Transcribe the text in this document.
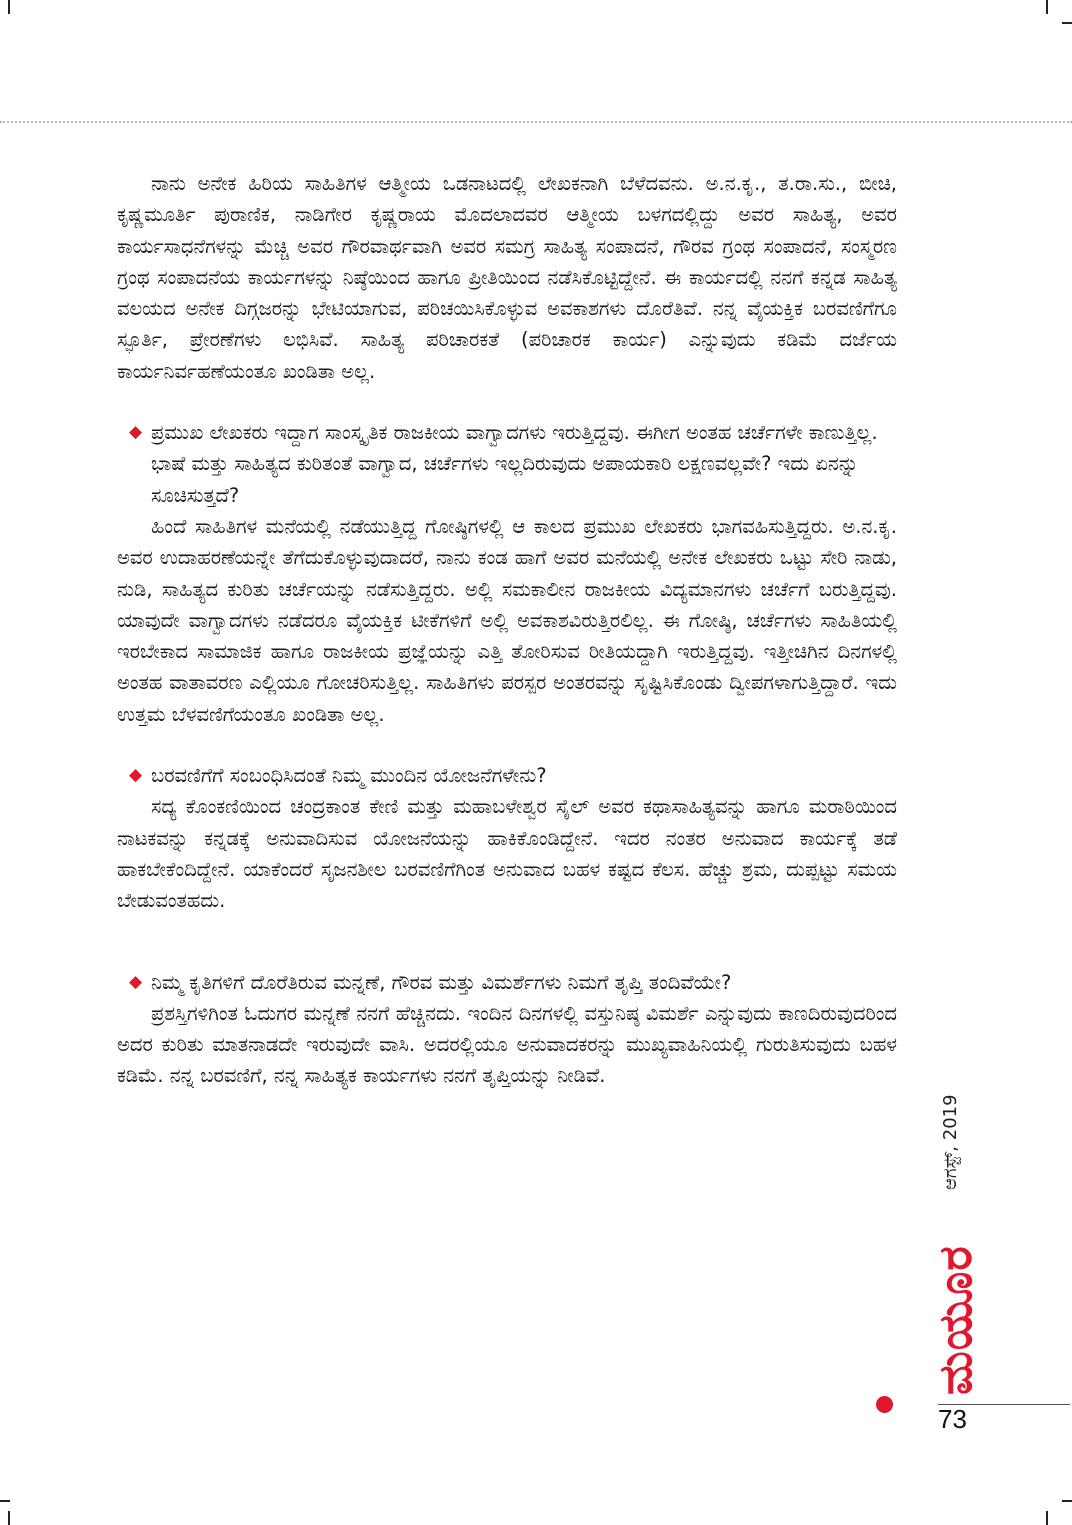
ನಾನು ಅನೇಕ ಹಿರಿಯ ಸಾಹಿತಿಗಳ ಆತ್ಮೀಯ ಒಡನಾಟದಲ್ಲಿ ಲೇಖಕನಾಗಿ ಬೆಳೆದವನು. ಅ.ನ.ಕೃ., ತ.ರಾ.ಸು., ಬೀಚಿ, ಕೃಷ್ಣಮೂರ್ತಿ ಪುರಾಣಿಕ, ನಾಡಿಗೇರ ಕೃಷ್ಣರಾಯ ಮೊದಲಾದವರ ಆತ್ಮೀಯ ಬಳಗದಲ್ಲಿದ್ದು ಅವರ ಸಾಹಿತ್ಯ, ಅವರ ಕಾರ್ಯಸಾಧನೆಗಳನ್ನು ಮೆಚ್ಚಿ ಅವರ ಗೌರವಾರ್ಥವಾಗಿ ಅವರ ಸಮಗ್ರ ಸಾಹಿತ್ಯ ಸಂಪಾದನೆ, ಗೌರವ ಗ್ರಂಥ ಸಂಪಾದನೆ, ಸಂಸ್ಮರಣ ಗ್ರಂಥ ಸಂಪಾದನೆಯ ಕಾರ್ಯಗಳನ್ನು ನಿಷ್ಠೆಯಿಂದ ಹಾಗೂ ಪ್ರೀತಿಯಿಂದ ನಡೆಸಿಕೊಟ್ಟಿದ್ದೇನೆ. ಈ ಕಾರ್ಯದಲ್ಲಿ ನನಗೆ ಕನ್ನಡ ಸಾಹಿತ್ಯ ವಲಯದ ಅನೇಕ ದಿಗ್ಗಜರನ್ನು ಭೇಟಿಯಾಗುವ, ಪರಿಚಯಿಸಿಕೊಳ್ಳುವ ಅವಕಾಶಗಳು ದೊರೆತಿವೆ. ನನ್ನ ವೈಯಕ್ತಿಕ ಬರವಣಿಗೆಗೂ ಸ್ಫೂರ್ತಿ, ಪ್ರೇರಣೆಗಳು ಲಭಿಸಿವೆ. ಸಾಹಿತ್ಯ ಪರಿಚಾರಕತೆ (ಪರಿಚಾರಕ ಕಾರ್ಯ) ಎನ್ನುವುದು ಕಡಿಮೆ ದರ್ಜೆಯ ಕಾರ್ಯನಿರ್ವಹಣೆಯಂತೂ ಖಂಡಿತಾ ಅಲ್ಲ.

◆ ಪ್ರಮುಖ ಲೇಖಕರು ಇದ್ದಾಗ ಸಾಂಸ್ಕೃತಿಕ ರಾಜಕೀಯ ವಾಗ್ವಾದಗಳು ಇರುತ್ತಿದ್ದವು. ಈಗೀಗ ಅಂತಹ ಚರ್ಚೆಗಳೇ ಕಾಣುತ್ತಿಲ್ಲ. ಭಾಷೆ ಮತ್ತು ಸಾಹಿತ್ಯದ ಕುರಿತಂತೆ ವಾಗ್ವಾದ, ಚರ್ಚೆಗಳು ಇಲ್ಲದಿರುವುದು ಅಪಾಯಕಾರಿ ಲಕ್ಷಣವಲ್ಲವೇ? ಇದು ಏನನ್ನು ಸೂಚಿಸುತ್ತದೆ?

ಹಿಂದೆ ಸಾಹಿತಿಗಳ ಮನೆಯಲ್ಲಿ ನಡೆಯುತ್ತಿದ್ದ ಗೋಷ್ಠಿಗಳಲ್ಲಿ ಆ ಕಾಲದ ಪ್ರಮುಖ ಲೇಖಕರು ಭಾಗವಹಿಸುತ್ತಿದ್ದರು. ಅ.ನ.ಕೃ. ಅವರ ಉದಾಹರಣೆಯನ್ನೇ ತೆಗೆದುಕೊಳ್ಳುವುದಾದರೆ, ನಾನು ಕಂಡ ಹಾಗೆ ಅವರ ಮನೆಯಲ್ಲಿ ಅನೇಕ ಲೇಖಕರು ಒಟ್ಟು ಸೇರಿ ನಾಡು, ನುಡಿ, ಸಾಹಿತ್ಯದ ಕುರಿತು ಚರ್ಚೆಯನ್ನು ನಡೆಸುತ್ತಿದ್ದರು. ಅಲ್ಲಿ ಸಮಕಾಲೀನ ರಾಜಕೀಯ ವಿದ್ಯಮಾನಗಳು ಚರ್ಚೆಗೆ ಬರುತ್ತಿದ್ದವು. ಯಾವುದೇ ವಾಗ್ವಾದಗಳು ನಡೆದರೂ ವೈಯಕ್ತಿಕ ಟೀಕೆಗಳಿಗೆ ಅಲ್ಲಿ ಅವಕಾಶವಿರುತ್ತಿರಲಿಲ್ಲ. ಈ ಗೋಷ್ಠಿ, ಚರ್ಚೆಗಳು ಸಾಹಿತಿಯಲ್ಲಿ ಇರಬೇಕಾದ ಸಾಮಾಜಿಕ ಹಾಗೂ ರಾಜಕೀಯ ಪ್ರಜ್ಞೆಯನ್ನು ಎತ್ತಿ ತೋರಿಸುವ ರೀತಿಯದ್ದಾಗಿ ಇರುತ್ತಿದ್ದವು. ಇತ್ತೀಚಿಗಿನ ದಿನಗಳಲ್ಲಿ ಅಂತಹ ವಾತಾವರಣ ಎಲ್ಲಿಯೂ ಗೋಚರಿಸುತ್ತಿಲ್ಲ. ಸಾಹಿತಿಗಳು ಪರಸ್ಪರ ಅಂತರವನ್ನು ಸೃಷ್ಟಿಸಿಕೊಂಡು ದ್ವೀಪಗಳಾಗುತ್ತಿದ್ದಾರೆ. ಇದು ಉತ್ತಮ ಬೆಳವಣಿಗೆಯಂತೂ ಖಂಡಿತಾ ಅಲ್ಲ.

◆ ಬರವಣಿಗೆಗೆ ಸಂಬಂಧಿಸಿದಂತೆ ನಿಮ್ಮ ಮುಂದಿನ ಯೋಜನೆಗಳೇನು?

ಸದ್ಯ ಕೊಂಕಣಿಯಿಂದ ಚಂದ್ರಕಾಂತ ಕೇಣಿ ಮತ್ತು ಮಹಾಬಳೇಶ್ವರ ಸೈಲ್ ಅವರ ಕಥಾಸಾಹಿತ್ಯವನ್ನು ಹಾಗೂ ಮರಾಠಿಯಿಂದ ನಾಟಕವನ್ನು ಕನ್ನಡಕ್ಕೆ ಅನುವಾದಿಸುವ ಯೋಜನೆಯನ್ನು ಹಾಕಿಕೊಂಡಿದ್ದೇನೆ. ಇದರ ನಂತರ ಅನುವಾದ ಕಾರ್ಯಕ್ಕೆ ತಡೆ ಹಾಕಬೇಕೆಂದಿದ್ದೇನೆ. ಯಾಕೆಂದರೆ ಸೃಜನಶೀಲ ಬರವಣಿಗೆಗಿಂತ ಅನುವಾದ ಬಹಳ ಕಷ್ಟದ ಕೆಲಸ. ಹೆಚ್ಚು ಶ್ರಮ, ದುಪ್ಪಟ್ಟು ಸಮಯ ಬೇಡುವಂತಹದು.

◆ ನಿಮ್ಮ ಕೃತಿಗಳಿಗೆ ದೊರೆತಿರುವ ಮನ್ನಣೆ, ಗೌರವ ಮತ್ತು ವಿಮರ್ಶೆಗಳು ನಿಮಗೆ ತೃಪ್ತಿ ತಂದಿವೆಯೇ?

ಪ್ರಶಸ್ತಿಗಳಿಗಿಂತ ಓದುಗರ ಮನ್ನಣೆ ನನಗೆ ಹೆಚ್ಚಿನದು. ಇಂದಿನ ದಿನಗಳಲ್ಲಿ ವಸ್ತುನಿಷ್ಠ ವಿಮರ್ಶೆ ಎನ್ನುವುದು ಕಾಣದಿರುವುದರಿಂದ ಅದರ ಕುರಿತು ಮಾತನಾಡದೇ ಇರುವುದೇ ವಾಸಿ. ಅದರಲ್ಲಿಯೂ ಅನುವಾದಕರನ್ನು ಮುಖ್ಯವಾಹಿನಿಯಲ್ಲಿ ಗುರುತಿಸುವುದು ಬಹಳ ಕಡಿಮೆ. ನನ್ನ ಬರವಣಿಗೆ, ನನ್ನ ಸಾಹಿತ್ಯಕ ಕಾರ್ಯಗಳು ನನಗೆ ತೃಪ್ತಿಯನ್ನು ನೀಡಿವೆ.

ಆಗಸ್ಟ್, 2019
ಮಯೂರ
73
